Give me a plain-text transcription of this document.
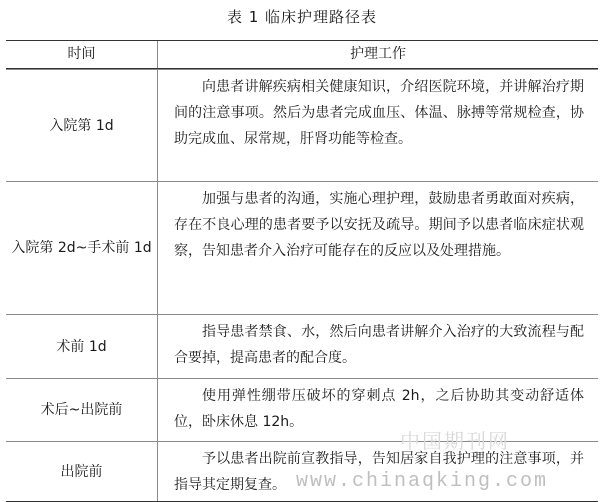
表 1 临床护理路径表
时间	护理工作
入院第 1d
向患者讲解疾病相关健康知识，介绍医院环境，并讲解治疗期间的注意事项。然后为患者完成血压、体温、脉搏等常规检查，协助完成血、尿常规，肝肾功能等检查。
入院第 2d~手术前 1d
加强与患者的沟通，实施心理护理，鼓励患者勇敢面对疾病，存在不良心理的患者要予以安抚及疏导。期间予以患者临床症状观察，告知患者介入治疗可能存在的反应以及处理措施。
术前 1d
指导患者禁食、水，然后向患者讲解介入治疗的大致流程与配合要掉，提高患者的配合度。
术后~出院前
使用弹性绷带压破坏的穿刺点 2h，之后协助其变动舒适体位，卧床休息 12h。
出院前
予以患者出院前宣教指导，告知居家自我护理的注意事项，并指导其定期复查。
中国期刊网
www.chinaqking.com
